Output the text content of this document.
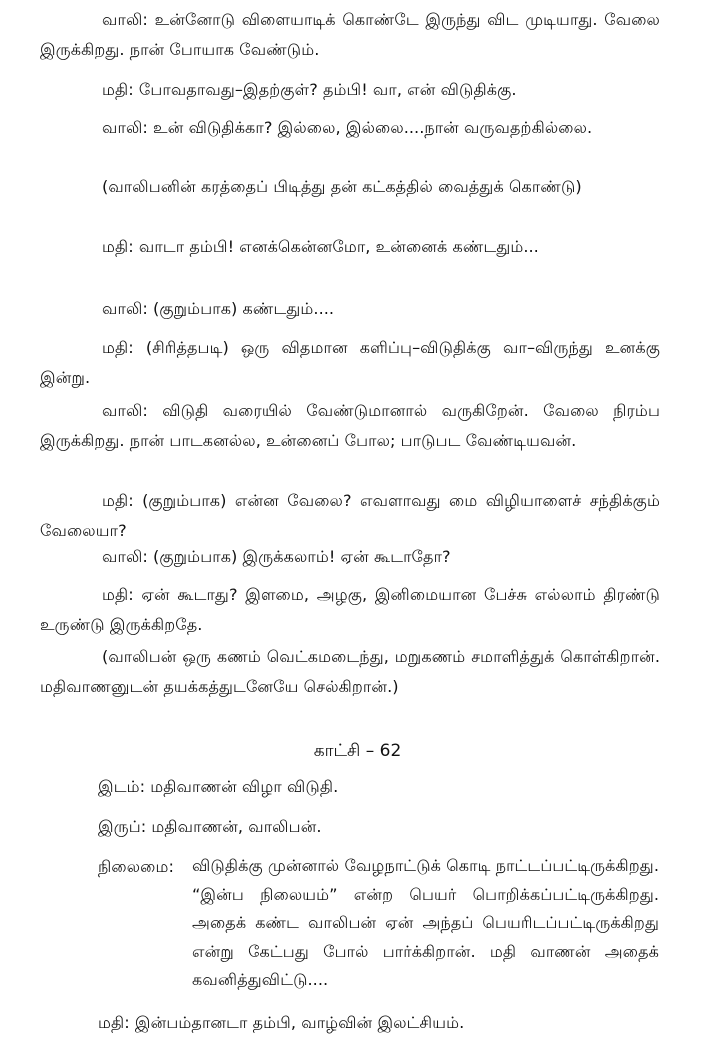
வாலி: உன்னோடு விளையாடிக் கொண்டே இருந்து விட முடியாது. வேலை இருக்கிறது. நான் போயாக வேண்டும்.

மதி: போவதாவது–இதற்குள்? தம்பி! வா, என் விடுதிக்கு.

வாலி: உன் விடுதிக்கா? இல்லை, இல்லை....நான் வருவதற்கில்லை.

(வாலிபனின் கரத்தைப் பிடித்து தன் கட்கத்தில் வைத்துக் கொண்டு)

மதி: வாடா தம்பி! எனக்கென்னமோ, உன்னைக் கண்டதும்...

வாலி: (குறும்பாக) கண்டதும்....

மதி: (சிரித்தபடி) ஒரு விதமான களிப்பு–விடுதிக்கு வா–விருந்து உனக்கு இன்று.

வாலி: விடுதி வரையில் வேண்டுமானால் வருகிறேன். வேலை நிரம்ப இருக்கிறது. நான் பாடகனல்ல, உன்னைப் போல; பாடுபட வேண்டியவன்.

மதி: (குறும்பாக) என்ன வேலை? எவளாவது மை விழியாளைச் சந்திக்கும் வேலையா?

வாலி: (குறும்பாக) இருக்கலாம்! ஏன் கூடாதோ?

மதி: ஏன் கூடாது? இளமை, அழகு, இனிமையான பேச்சு எல்லாம் திரண்டு உருண்டு இருக்கிறதே.

(வாலிபன் ஒரு கணம் வெட்கமடைந்து, மறுகணம் சமாளித்துக் கொள்கிறான். மதிவாணனுடன் தயக்கத்துடனேயே செல்கிறான்.)

காட்சி – 62

இடம்: மதிவாணன் விழா விடுதி.

இருப்: மதிவாணன், வாலிபன்.

நிலைமை: விடுதிக்கு முன்னால் வேழநாட்டுக் கொடி நாட்டப்பட்டிருக்கிறது. “இன்ப நிலையம்” என்ற பெயர் பொறிக்கப்பட்டிருக்கிறது. அதைக் கண்ட வாலிபன் ஏன் அந்தப் பெயரிடப்பட்டிருக்கிறது என்று கேட்பது போல் பார்க்கிறான். மதி வாணன் அதைக் கவனித்துவிட்டு....

மதி: இன்பம்தானடா தம்பி, வாழ்வின் இலட்சியம்.
